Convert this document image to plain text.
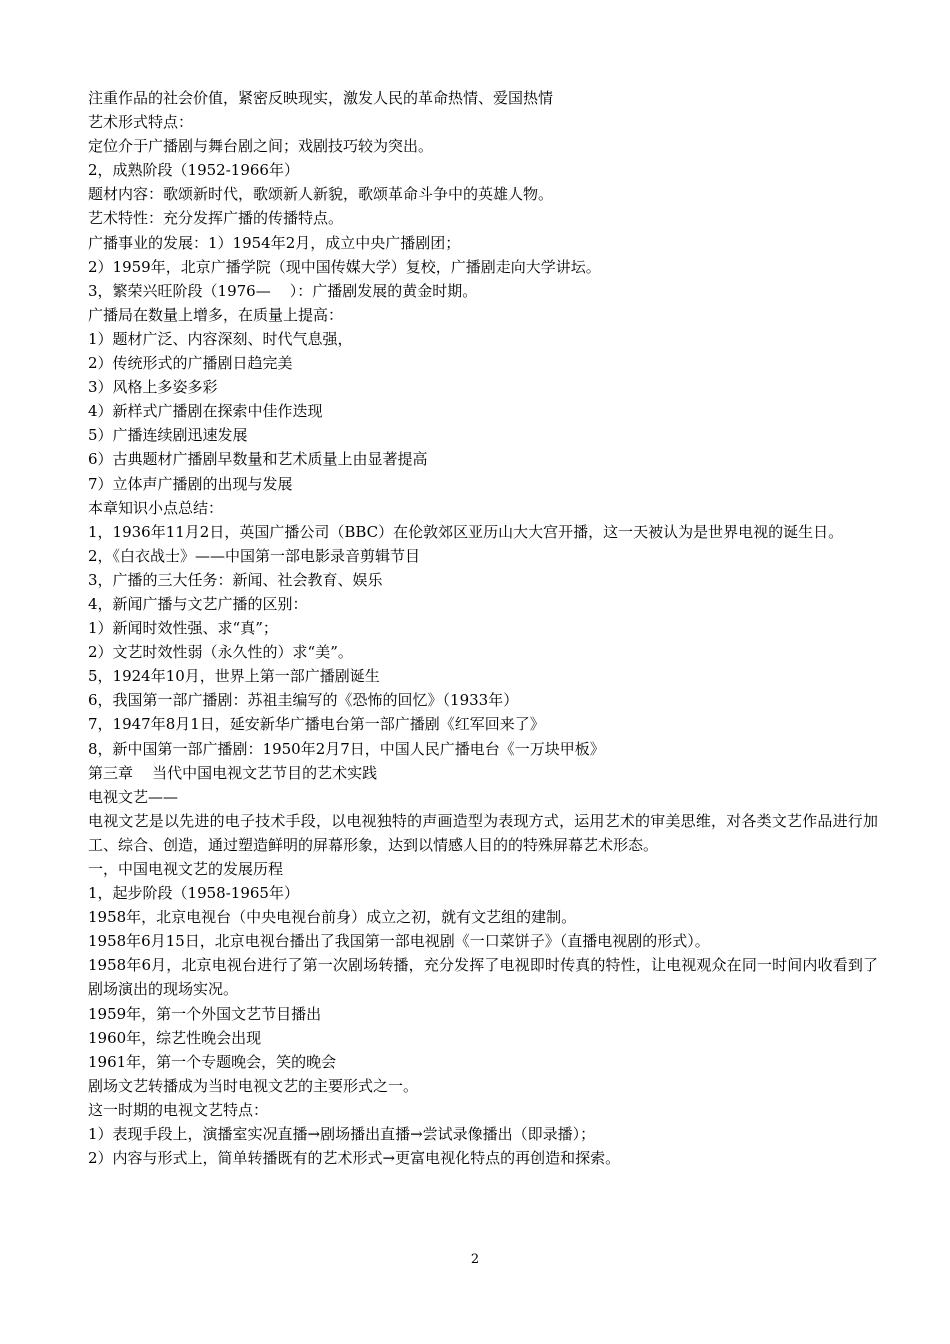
注重作品的社会价值，紧密反映现实，激发人民的革命热情、爱国热情
艺术形式特点：
定位介于广播剧与舞台剧之间；戏剧技巧较为突出。
2，成熟阶段（1952-1966年）
题材内容：歌颂新时代，歌颂新人新貌，歌颂革命斗争中的英雄人物。
艺术特性：充分发挥广播的传播特点。
广播事业的发展：1）1954年2月，成立中央广播剧团；
2）1959年，北京广播学院（现中国传媒大学）复校，广播剧走向大学讲坛。
3，繁荣兴旺阶段（1976—    ）：广播剧发展的黄金时期。
广播局在数量上增多，在质量上提高：
1）题材广泛、内容深刻、时代气息强，
2）传统形式的广播剧日趋完美
3）风格上多姿多彩
4）新样式广播剧在探索中佳作迭现
5）广播连续剧迅速发展
6）古典题材广播剧早数量和艺术质量上由显著提高
7）立体声广播剧的出现与发展
本章知识小点总结：
1，1936年11月2日，英国广播公司（BBC）在伦敦郊区亚历山大大宫开播，这一天被认为是世界电视的诞生日。
2，《白衣战士》——中国第一部电影录音剪辑节目
3，广播的三大任务：新闻、社会教育、娱乐
4，新闻广播与文艺广播的区别：
1）新闻时效性强、求“真”；
2）文艺时效性弱（永久性的）求“美”。
5，1924年10月，世界上第一部广播剧诞生
6，我国第一部广播剧：苏祖圭编写的《恐怖的回忆》（1933年）
7，1947年8月1日，延安新华广播电台第一部广播剧《红军回来了》
8，新中国第一部广播剧：1950年2月7日，中国人民广播电台《一万块甲板》
第三章    当代中国电视文艺节目的艺术实践
电视文艺——
电视文艺是以先进的电子技术手段，以电视独特的声画造型为表现方式，运用艺术的审美思维，对各类文艺作品进行加工、综合、创造，通过塑造鲜明的屏幕形象，达到以情感人目的的特殊屏幕艺术形态。
一，中国电视文艺的发展历程
1，起步阶段（1958-1965年）
1958年，北京电视台（中央电视台前身）成立之初，就有文艺组的建制。
1958年6月15日，北京电视台播出了我国第一部电视剧《一口菜饼子》（直播电视剧的形式）。
1958年6月，北京电视台进行了第一次剧场转播，充分发挥了电视即时传真的特性，让电视观众在同一时间内收看到了剧场演出的现场实况。
1959年，第一个外国文艺节目播出
1960年，综艺性晚会出现
1961年，第一个专题晚会，笑的晚会
剧场文艺转播成为当时电视文艺的主要形式之一。
这一时期的电视文艺特点：
1）表现手段上，演播室实况直播→剧场播出直播→尝试录像播出（即录播）；
2）内容与形式上，简单转播既有的艺术形式→更富电视化特点的再创造和探索。
2
